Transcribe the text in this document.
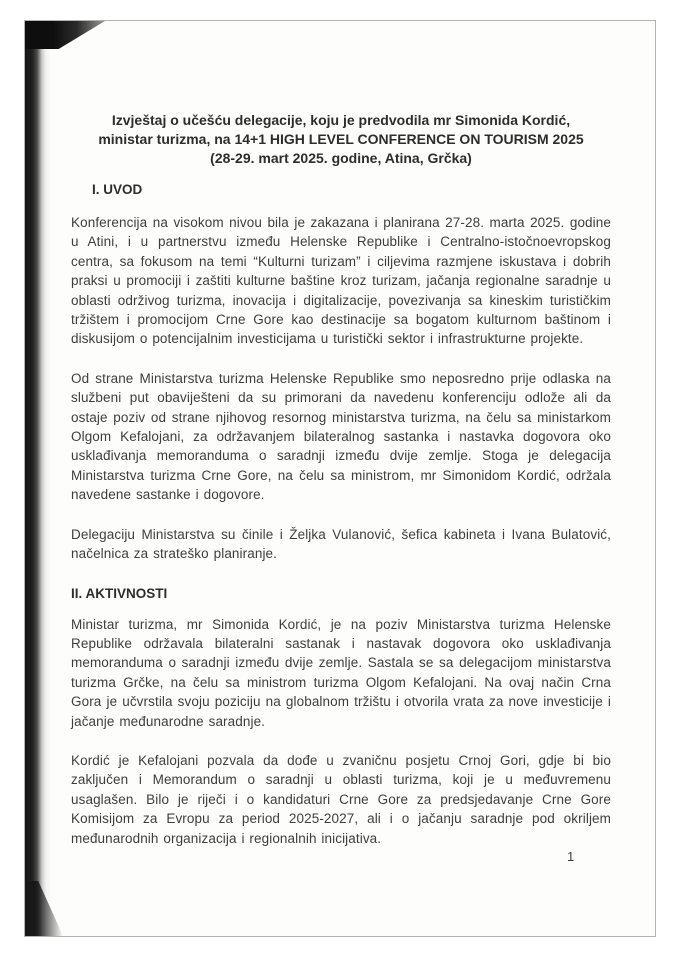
Izvještaj o učešću delegacije, koju je predvodila mr Simonida Kordić,
ministar turizma, na 14+1 HIGH LEVEL CONFERENCE ON TOURISM 2025
(28-29. mart 2025. godine, Atina, Grčka)
I. UVOD

Konferencija na visokom nivou bila je zakazana i planirana 27-28. marta 2025. godine u Atini, i u partnerstvu između Helenske Republike i Centralno-istočnoevropskog centra, sa fokusom na temi “Kulturni turizam” i ciljevima razmjene iskustava i dobrih praksi u promociji i zaštiti kulturne baštine kroz turizam, jačanja regionalne saradnje u oblasti održivog turizma, inovacija i digitalizacije, povezivanja sa kineskim turističkim tržištem i promocijom Crne Gore kao destinacije sa bogatom kulturnom baštinom i diskusijom o potencijalnim investicijama u turistički sektor i infrastrukturne projekte.

Od strane Ministarstva turizma Helenske Republike smo neposredno prije odlaska na službeni put obaviješteni da su primorani da navedenu konferenciju odlože ali da ostaje poziv od strane njihovog resornog ministarstva turizma, na čelu sa ministarkom Olgom Kefalojani, za održavanjem bilateralnog sastanka i nastavka dogovora oko usklađivanja memoranduma o saradnji između dvije zemlje. Stoga je delegacija Ministarstva turizma Crne Gore, na čelu sa ministrom, mr Simonidom Kordić, održala navedene sastanke i dogovore.

Delegaciju Ministarstva su činile i Željka Vulanović, šefica kabineta i Ivana Bulatović, načelnica za strateško planiranje.

II. AKTIVNOSTI

Ministar turizma, mr Simonida Kordić, je na poziv Ministarstva turizma Helenske Republike održavala bilateralni sastanak i nastavak dogovora oko usklađivanja memoranduma o saradnji između dvije zemlje. Sastala se sa delegacijom ministarstva turizma Grčke, na čelu sa ministrom turizma Olgom Kefalojani. Na ovaj način Crna Gora je učvrstila svoju poziciju na globalnom tržištu i otvorila vrata za nove investicije i jačanje međunarodne saradnje.

Kordić je Kefalojani pozvala da dođe u zvaničnu posjetu Crnoj Gori, gdje bi bio zaključen i Memorandum o saradnji u oblasti turizma, koji je u međuvremenu usaglašen. Bilo je riječi i o kandidaturi Crne Gore za predsjedavanje Crne Gore Komisijom za Evropu za period 2025-2027, ali i o jačanju saradnje pod okriljem međunarodnih organizacija i regionalnih inicijativa.

1
